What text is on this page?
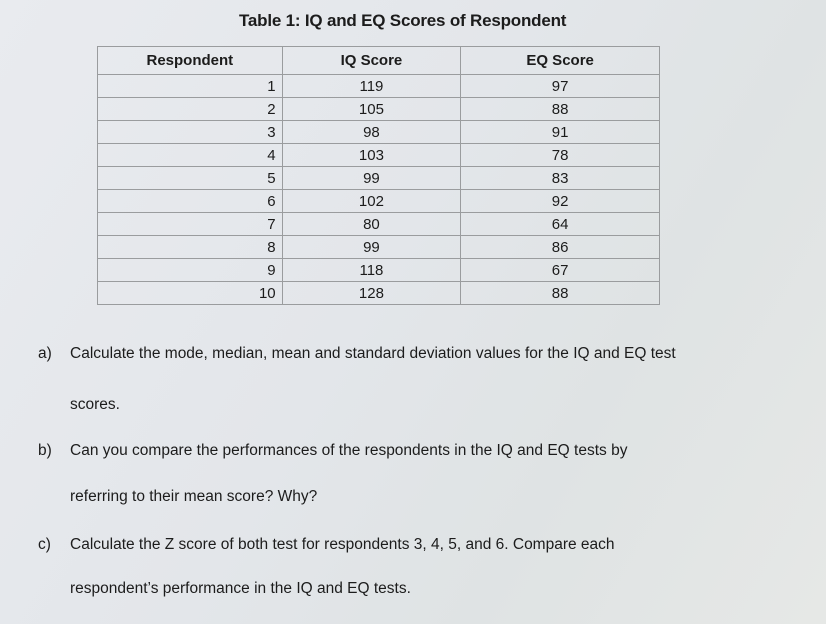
Table 1: IQ and EQ Scores of Respondent
Respondent	IQ Score	EQ Score
1	119	97
2	105	88
3	98	91
4	103	78
5	99	83
6	102	92
7	80	64
8	99	86
9	118	67
10	128	88
a) Calculate the mode, median, mean and standard deviation values for the IQ and EQ test
scores.
b) Can you compare the performances of the respondents in the IQ and EQ tests by
referring to their mean score? Why?
c) Calculate the Z score of both test for respondents 3, 4, 5, and 6. Compare each
respondent’s performance in the IQ and EQ tests.
